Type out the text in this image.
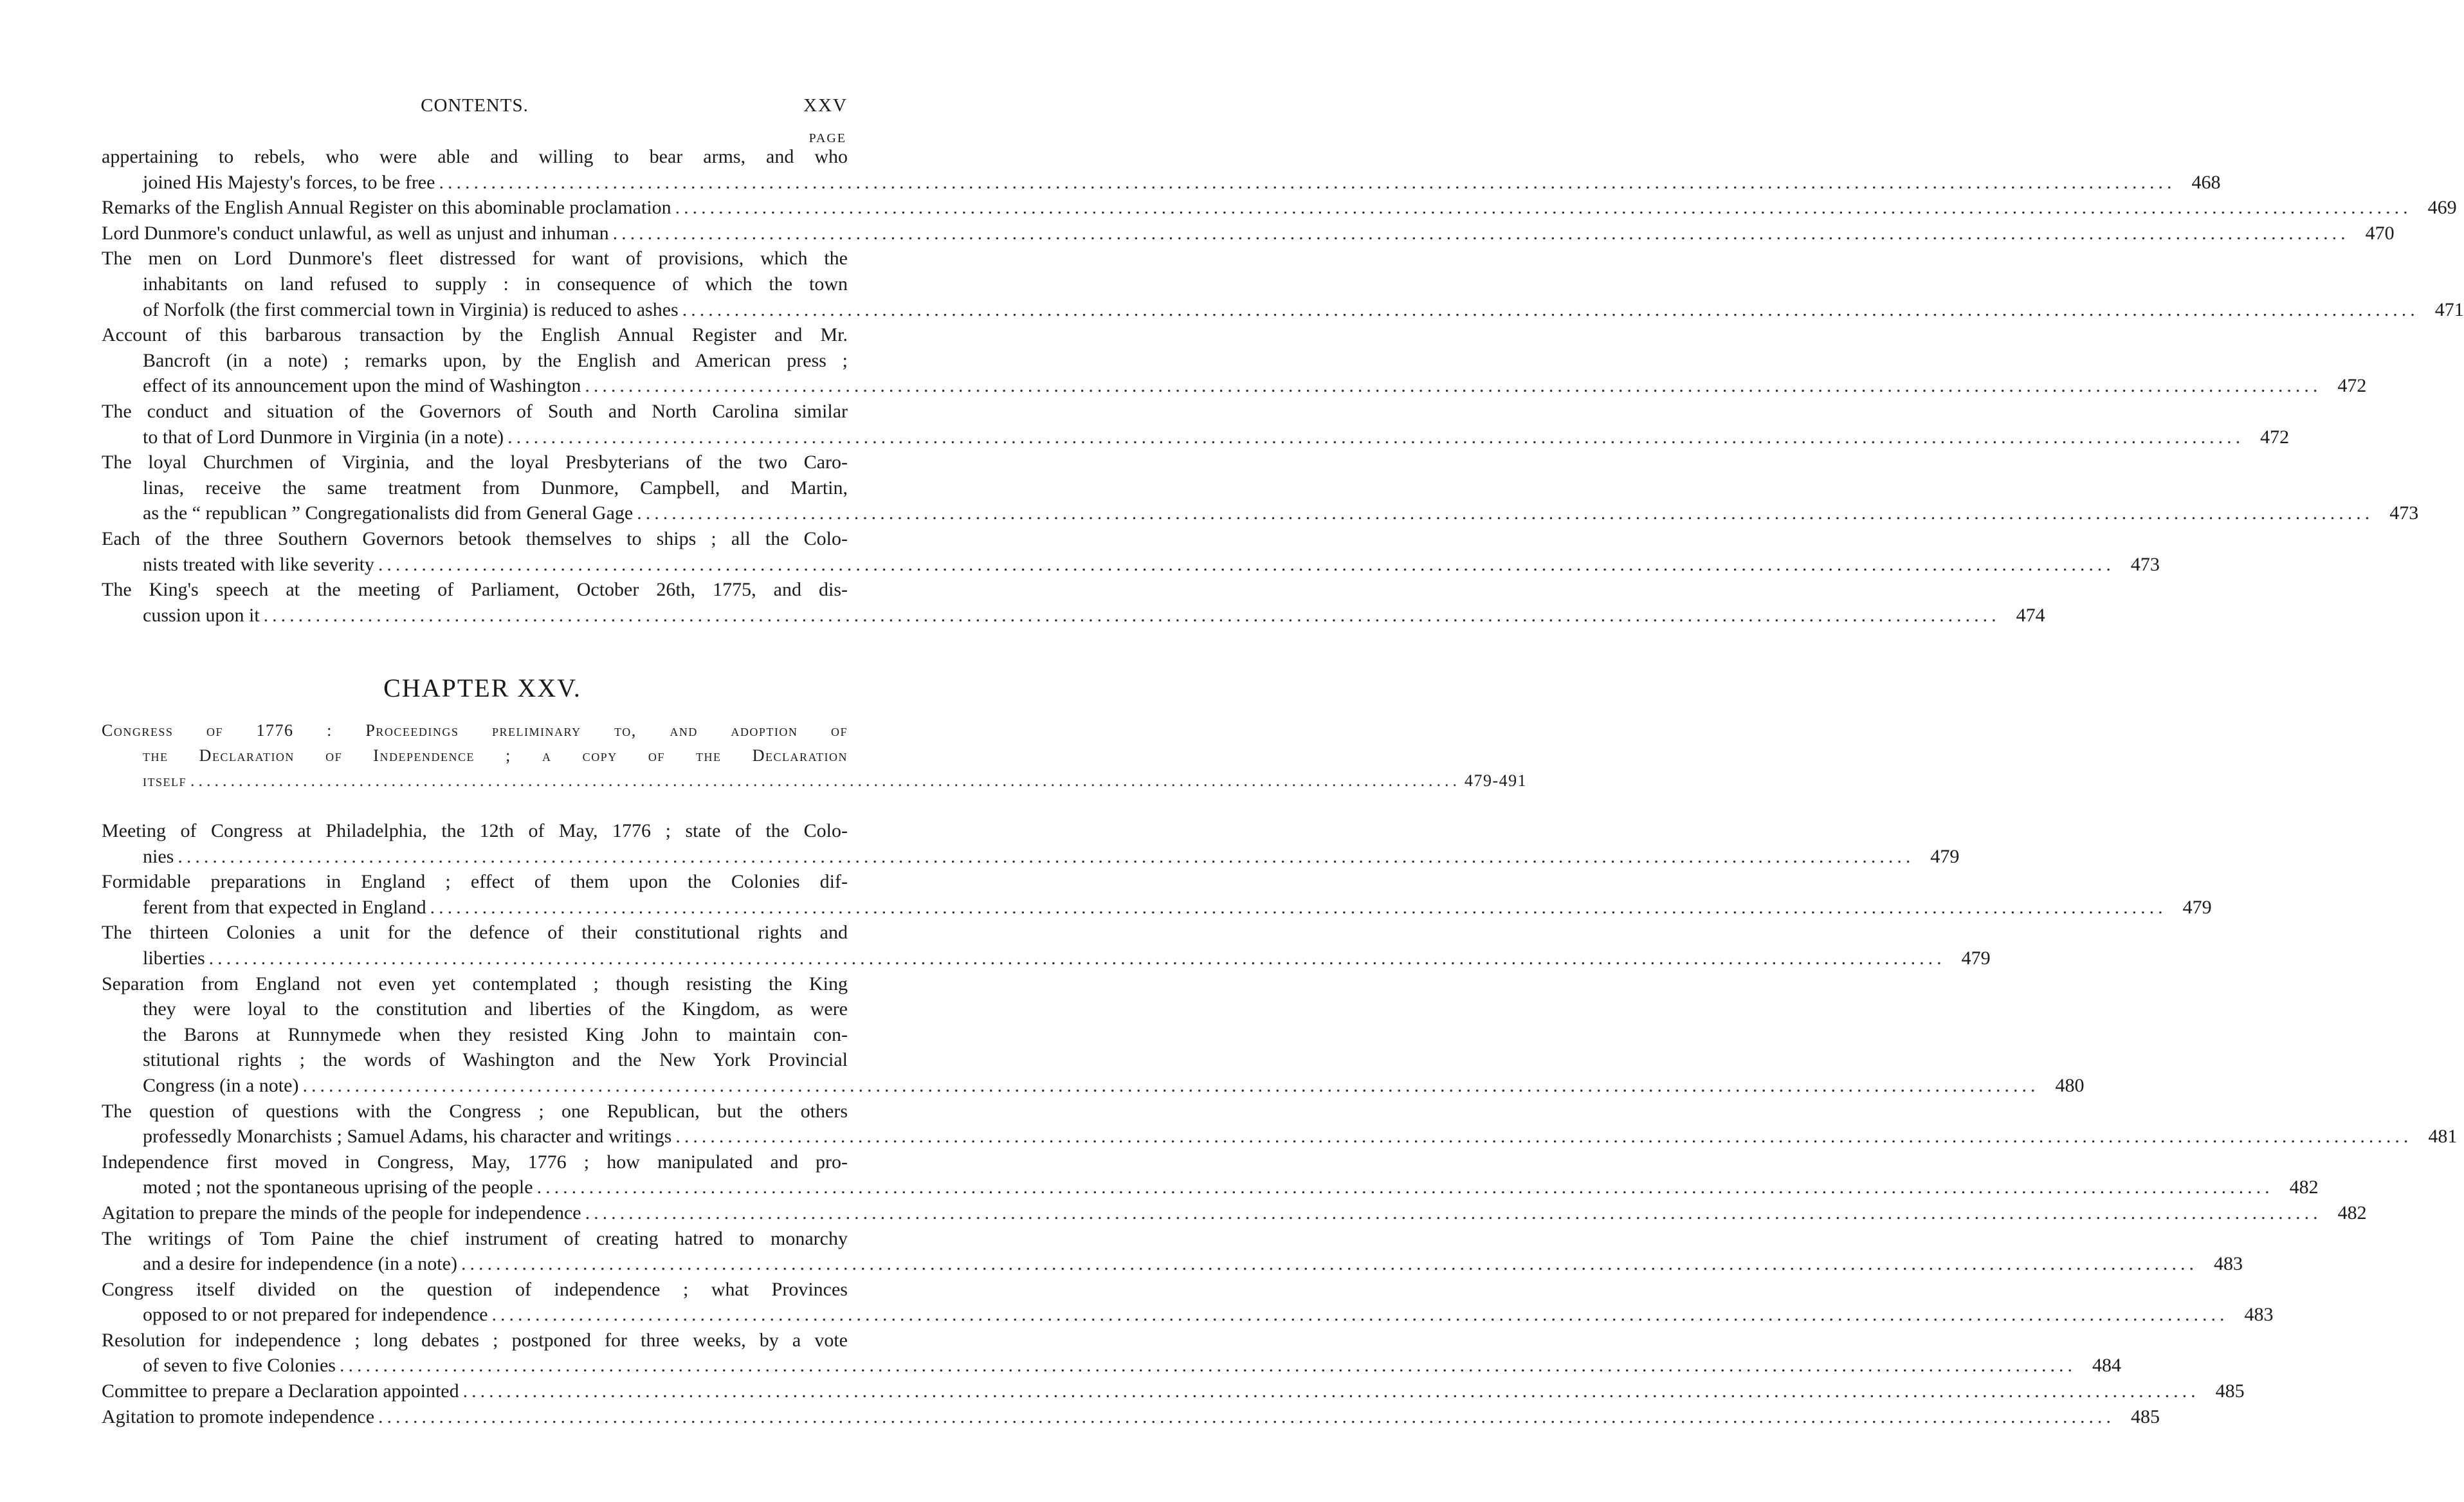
CONTENTS.	XXV
PAGE
appertaining to rebels, who were able and willing to bear arms, and who
joined His Majesty's forces, to be free ........................................................................................................................................................................................................ 468
Remarks of the English Annual Register on this abominable proclamation ........................................................................................................................................................................................................ 469
Lord Dunmore's conduct unlawful, as well as unjust and inhuman ........................................................................................................................................................................................................ 470
The men on Lord Dunmore's fleet distressed for want of provisions, which the
inhabitants on land refused to supply : in consequence of which the town
of Norfolk (the first commercial town in Virginia) is reduced to ashes ........................................................................................................................................................................................................ 471
Account of this barbarous transaction by the English Annual Register and Mr.
Bancroft (in a note) ; remarks upon, by the English and American press ;
effect of its announcement upon the mind of Washington ........................................................................................................................................................................................................ 472
The conduct and situation of the Governors of South and North Carolina similar
to that of Lord Dunmore in Virginia (in a note) ........................................................................................................................................................................................................ 472
The loyal Churchmen of Virginia, and the loyal Presbyterians of the two Caro-
linas, receive the same treatment from Dunmore, Campbell, and Martin,
as the “ republican ” Congregationalists did from General Gage ........................................................................................................................................................................................................ 473
Each of the three Southern Governors betook themselves to ships ; all the Colo-
nists treated with like severity ........................................................................................................................................................................................................ 473
The King's speech at the meeting of Parliament, October 26th, 1775, and dis-
cussion upon it ........................................................................................................................................................................................................ 474
CHAPTER XXV.
Congress of 1776 : Proceedings preliminary to, and adoption of
the Declaration of Independence ; a copy of the Declaration
itself .............................................................................................................................................................. 479-491
Meeting of Congress at Philadelphia, the 12th of May, 1776 ; state of the Colo-
nies ........................................................................................................................................................................................................ 479
Formidable preparations in England ; effect of them upon the Colonies dif-
ferent from that expected in England ........................................................................................................................................................................................................ 479
The thirteen Colonies a unit for the defence of their constitutional rights and
liberties ........................................................................................................................................................................................................ 479
Separation from England not even yet contemplated ; though resisting the King
they were loyal to the constitution and liberties of the Kingdom, as were
the Barons at Runnymede when they resisted King John to maintain con-
stitutional rights ; the words of Washington and the New York Provincial
Congress (in a note) ........................................................................................................................................................................................................ 480
The question of questions with the Congress ; one Republican, but the others
professedly Monarchists ; Samuel Adams, his character and writings ........................................................................................................................................................................................................ 481
Independence first moved in Congress, May, 1776 ; how manipulated and pro-
moted ; not the spontaneous uprising of the people ........................................................................................................................................................................................................ 482
Agitation to prepare the minds of the people for independence ........................................................................................................................................................................................................ 482
The writings of Tom Paine the chief instrument of creating hatred to monarchy
and a desire for independence (in a note) ........................................................................................................................................................................................................ 483
Congress itself divided on the question of independence ; what Provinces
opposed to or not prepared for independence ........................................................................................................................................................................................................ 483
Resolution for independence ; long debates ; postponed for three weeks, by a vote
of seven to five Colonies ........................................................................................................................................................................................................ 484
Committee to prepare a Declaration appointed ........................................................................................................................................................................................................ 485
Agitation to promote independence ........................................................................................................................................................................................................ 485
